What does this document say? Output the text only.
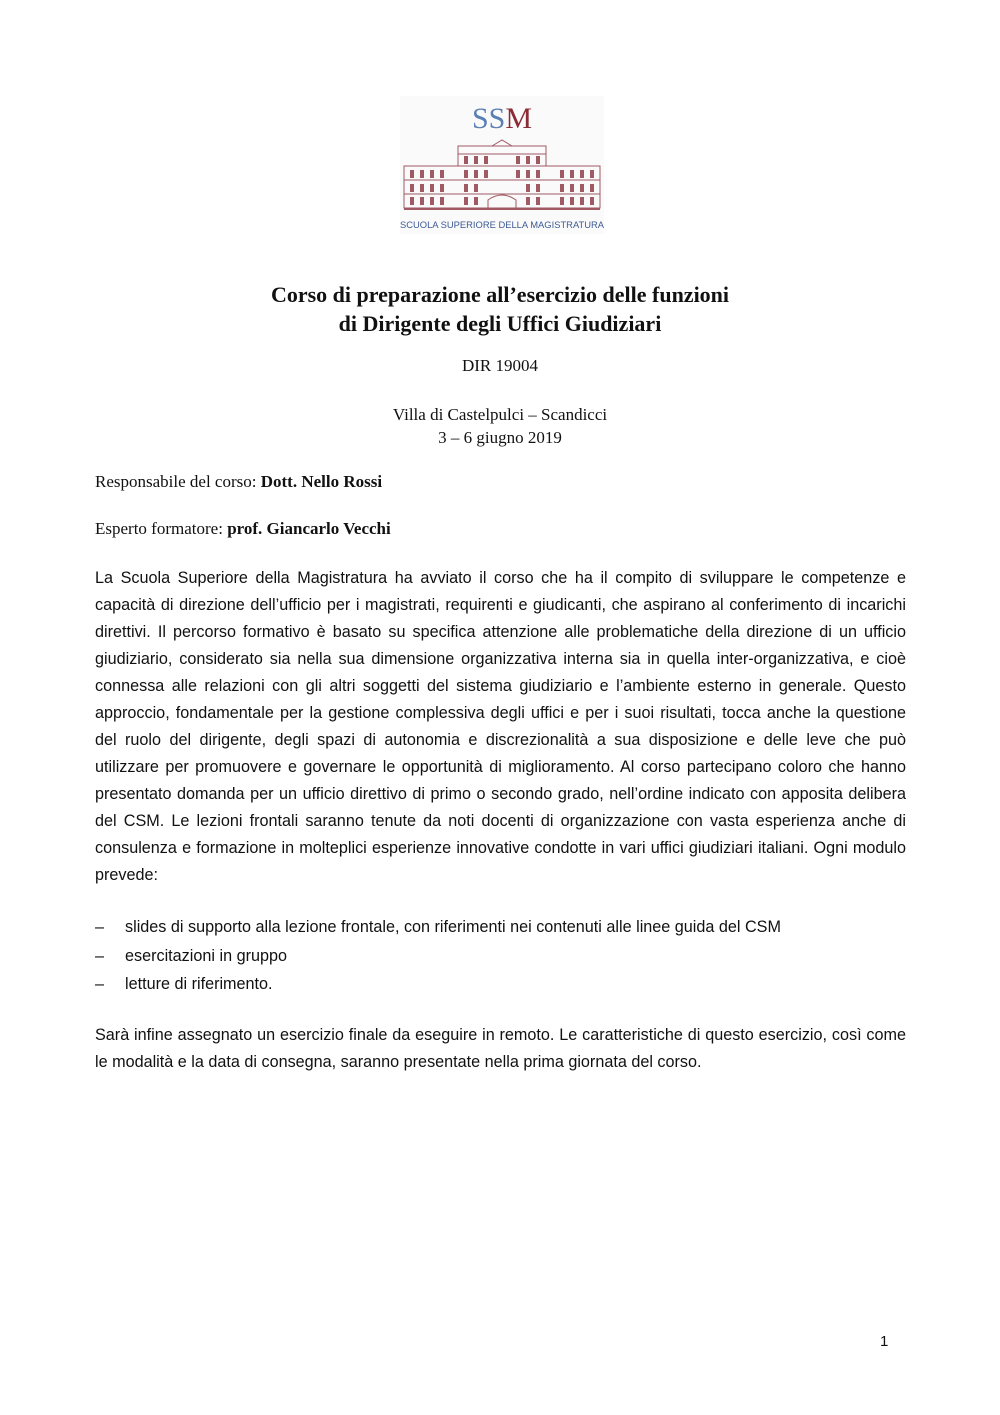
SSM
SCUOLA SUPERIORE DELLA MAGISTRATURA
Corso di preparazione all’esercizio delle funzioni
di Dirigente degli Uffici Giudiziari
DIR 19004
Villa di Castelpulci – Scandicci
3 – 6 giugno 2019
Responsabile del corso: Dott. Nello Rossi
Esperto formatore: prof. Giancarlo Vecchi
La Scuola Superiore della Magistratura ha avviato il corso che ha il compito di sviluppare le competenze e capacità di direzione dell’ufficio per i magistrati, requirenti e giudicanti, che aspirano al conferimento di incarichi direttivi. Il percorso formativo è basato su specifica attenzione alle problematiche della direzione di un ufficio giudiziario, considerato sia nella sua dimensione organizzativa interna sia in quella inter-organizzativa, e cioè connessa alle relazioni con gli altri soggetti del sistema giudiziario e l’ambiente esterno in generale. Questo approccio, fondamentale per la gestione complessiva degli uffici e per i suoi risultati, tocca anche la questione del ruolo del dirigente, degli spazi di autonomia e discrezionalità a sua disposizione e delle leve che può utilizzare per promuovere e governare le opportunità di miglioramento. Al corso partecipano coloro che hanno presentato domanda per un ufficio direttivo di primo o secondo grado, nell’ordine indicato con apposita delibera del CSM. Le lezioni frontali saranno tenute da noti docenti di organizzazione con vasta esperienza anche di consulenza e formazione in molteplici esperienze innovative condotte in vari uffici giudiziari italiani. Ogni modulo prevede:
– slides di supporto alla lezione frontale, con riferimenti nei contenuti alle linee guida del CSM
– esercitazioni in gruppo
– letture di riferimento.
Sarà infine assegnato un esercizio finale da eseguire in remoto. Le caratteristiche di questo esercizio, così come le modalità e la data di consegna, saranno presentate nella prima giornata del corso.
1
